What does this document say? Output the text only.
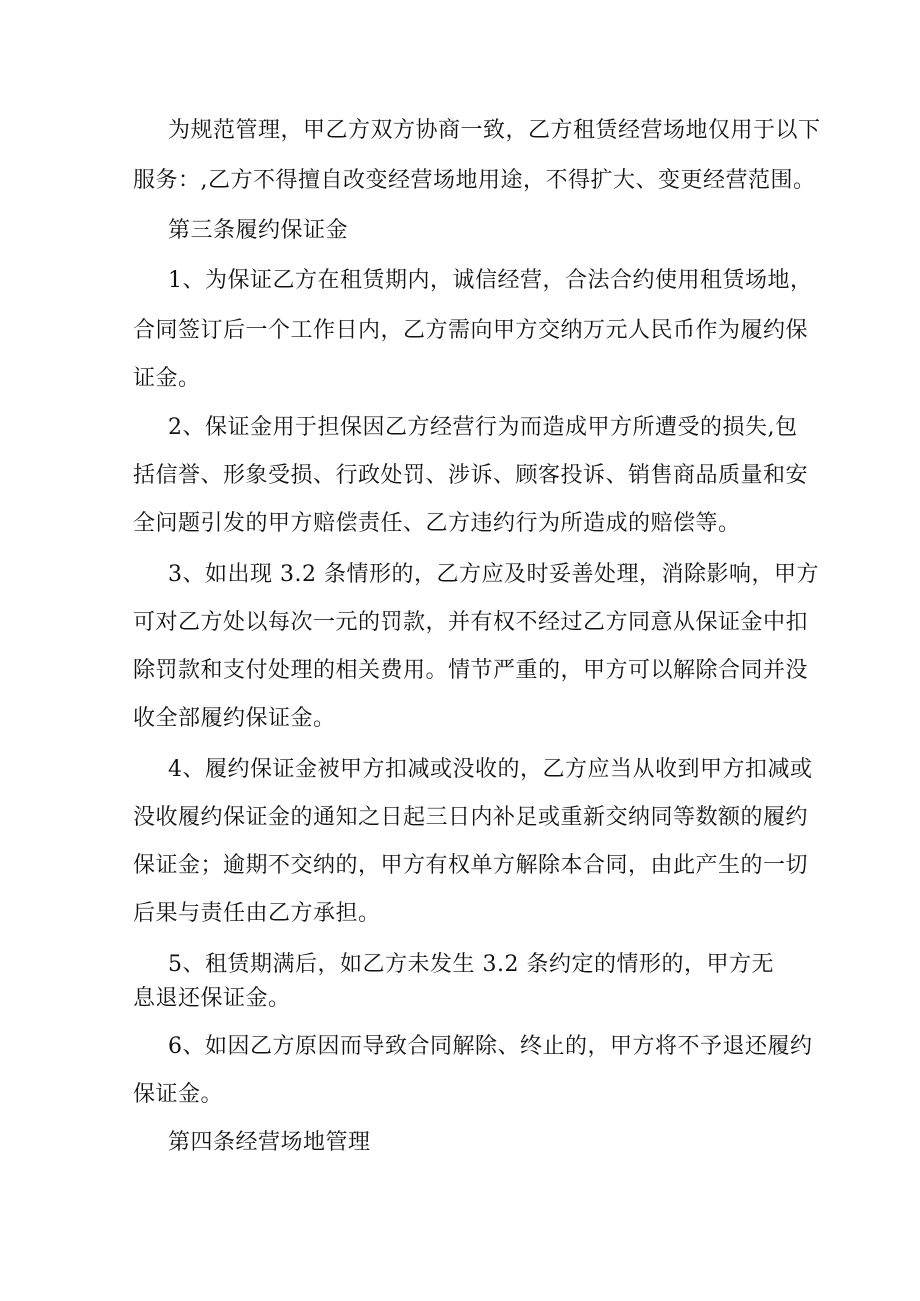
为规范管理，甲乙方双方协商一致，乙方租赁经营场地仅用于以下
服务：,乙方不得擅自改变经营场地用途，不得扩大、变更经营范围。
第三条履约保证金
1、为保证乙方在租赁期内，诚信经营，合法合约使用租赁场地，
合同签订后一个工作日内，乙方需向甲方交纳万元人民币作为履约保
证金。
2、保证金用于担保因乙方经营行为而造成甲方所遭受的损失,包
括信誉、形象受损、行政处罚、涉诉、顾客投诉、销售商品质量和安
全问题引发的甲方赔偿责任、乙方违约行为所造成的赔偿等。
3、如出现 3.2 条情形的，乙方应及时妥善处理，消除影响，甲方
可对乙方处以每次一元的罚款，并有权不经过乙方同意从保证金中扣
除罚款和支付处理的相关费用。情节严重的，甲方可以解除合同并没
收全部履约保证金。
4、履约保证金被甲方扣减或没收的，乙方应当从收到甲方扣减或
没收履约保证金的通知之日起三日内补足或重新交纳同等数额的履约
保证金；逾期不交纳的，甲方有权单方解除本合同，由此产生的一切
后果与责任由乙方承担。
5、租赁期满后，如乙方未发生 3.2 条约定的情形的，甲方无
息退还保证金。
6、如因乙方原因而导致合同解除、终止的，甲方将不予退还履约
保证金。
第四条经营场地管理
